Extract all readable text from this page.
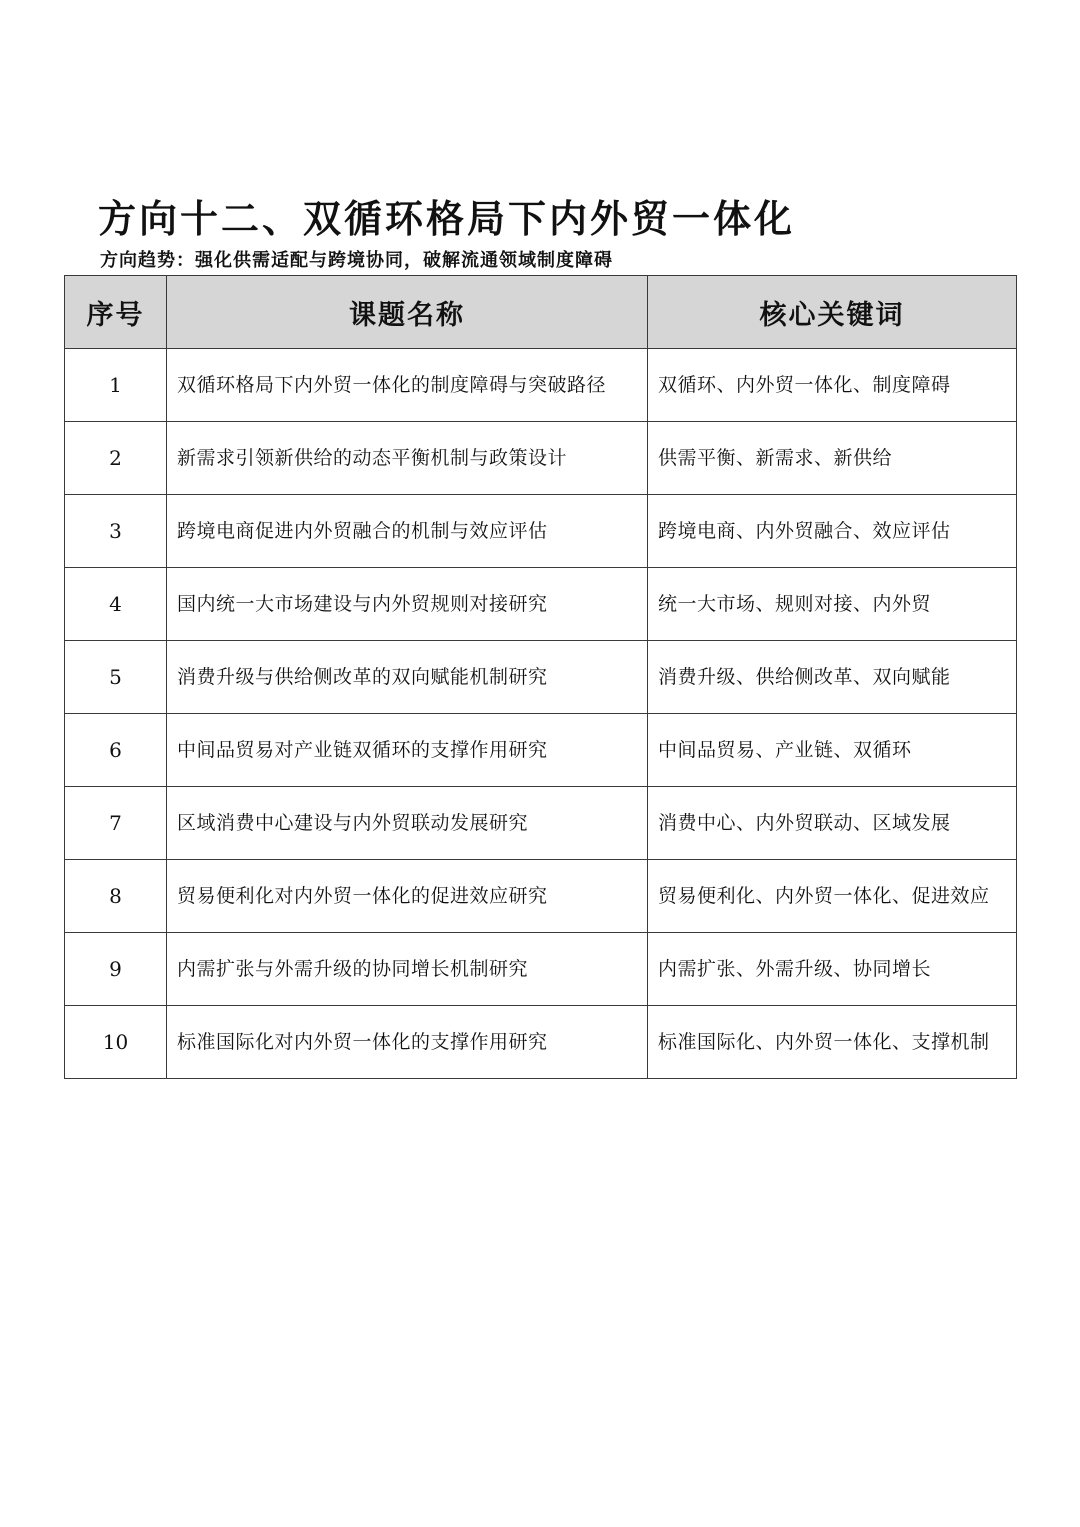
方向十二、双循环格局下内外贸一体化
方向趋势：强化供需适配与跨境协同，破解流通领域制度障碍
序号	课题名称	核心关键词
1	双循环格局下内外贸一体化的制度障碍与突破路径	双循环、内外贸一体化、制度障碍
2	新需求引领新供给的动态平衡机制与政策设计	供需平衡、新需求、新供给
3	跨境电商促进内外贸融合的机制与效应评估	跨境电商、内外贸融合、效应评估
4	国内统一大市场建设与内外贸规则对接研究	统一大市场、规则对接、内外贸
5	消费升级与供给侧改革的双向赋能机制研究	消费升级、供给侧改革、双向赋能
6	中间品贸易对产业链双循环的支撑作用研究	中间品贸易、产业链、双循环
7	区域消费中心建设与内外贸联动发展研究	消费中心、内外贸联动、区域发展
8	贸易便利化对内外贸一体化的促进效应研究	贸易便利化、内外贸一体化、促进效应
9	内需扩张与外需升级的协同增长机制研究	内需扩张、外需升级、协同增长
10	标准国际化对内外贸一体化的支撑作用研究	标准国际化、内外贸一体化、支撑机制
